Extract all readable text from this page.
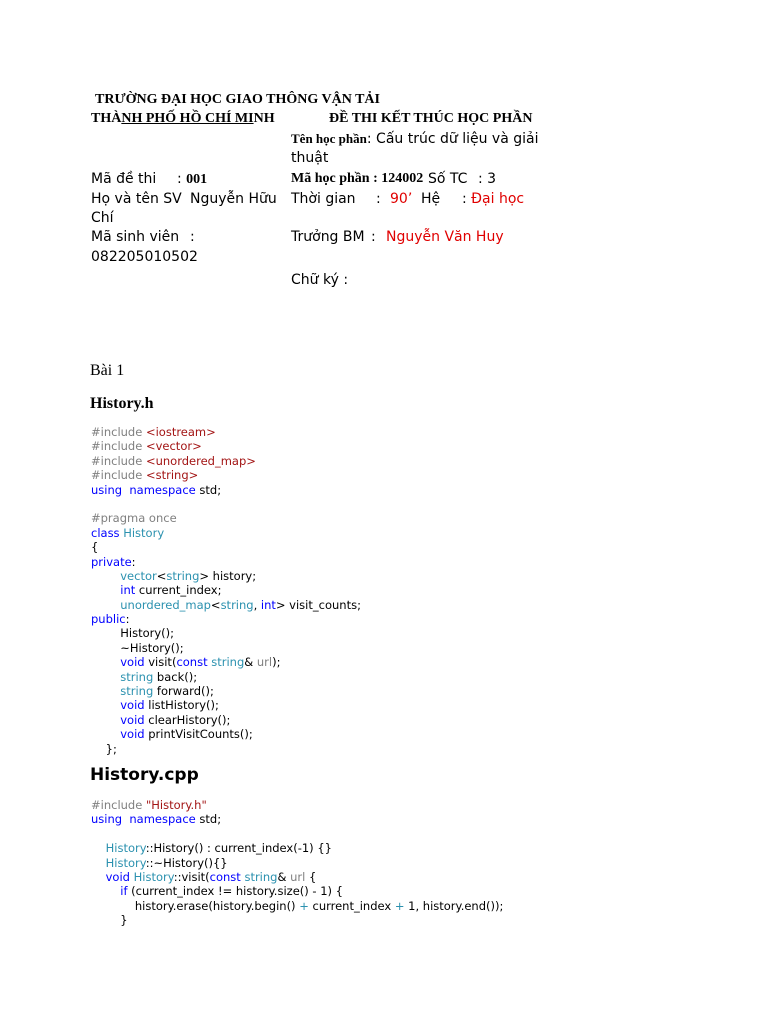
TRƯỜNG ĐẠI HỌC GIAO THÔNG VẬN TẢI
THÀNH PHỐ HỒ CHÍ MINH	ĐỀ THI KẾT THÚC HỌC PHẦN
Tên học phần: Cấu trúc dữ liệu và giải
thuật
Mã đề thi : 001	Mã học phần : 124002 Số TC : 3
Họ và tên SV Nguyễn Hữu
Chí
Thời gian : 90’ Hệ : Đại học
Mã sinh viên :
082205010502
Trưởng BM : Nguyễn Văn Huy
Chữ ký :
Bài 1
History.h
#include <iostream>
#include <vector>
#include <unordered_map>
#include <string>
using namespace std;
#pragma once
class History
{
private:
vector<string> history;
int current_index;
unordered_map<string, int> visit_counts;
public:
History();
~History();
void visit(const string& url);
string back();
string forward();
void listHistory();
void clearHistory();
void printVisitCounts();
};
History.cpp
#include "History.h"
using namespace std;
History::History() : current_index(-1) {}
History::~History(){}
void History::visit(const string& url {
if (current_index != history.size() - 1) {
history.erase(history.begin() + current_index + 1, history.end());
}
